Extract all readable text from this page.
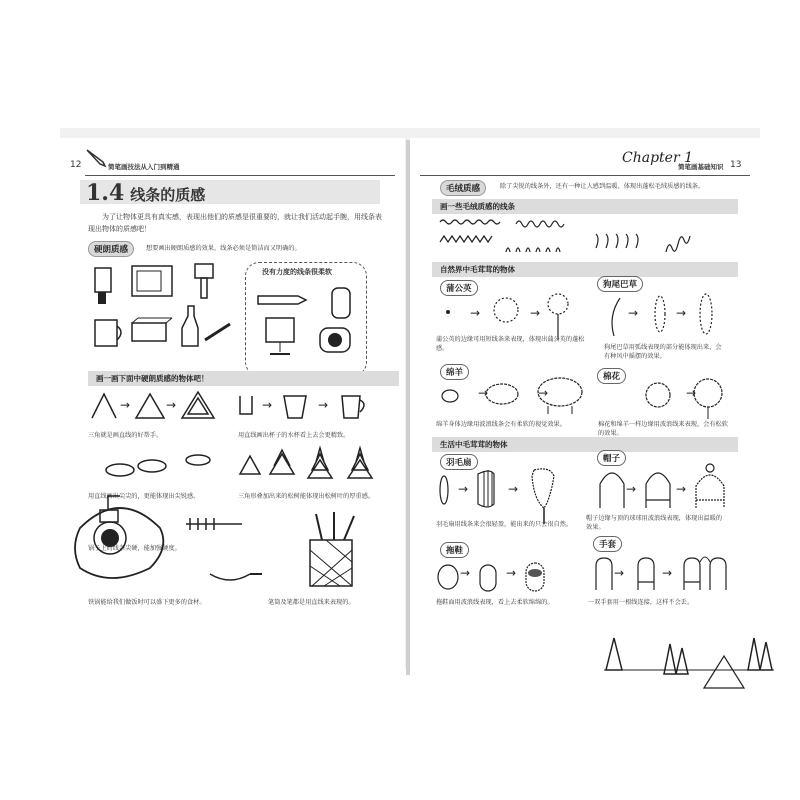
12	简笔画技法从入门到精通
1.4 线条的质感
为了让物体更具有真实感，表现出他们的质感是很重要的，就让我们活动起手腕，用线条表现出物体的质感吧！
硬朗质感	想要画出硬朗质感的效果，线条必须是简洁而又明确的。
没有力度的线条很柔软
画一画下面中硬朗质感的物体吧！
→	→	→	→
三角就是画直线的好帮手。	用直线画出杯子的水杯看上去会更精致。
用直线画出尖尖的，更能体现出尖锐感。	三角形叠加出来的松树能体现出松树叶的厚重感。
锅子上的线条尖硬，能加强硬度。
铁锅能给我们做饭时可以盛下更多的食材。	笔筒及笔都是用直线来表现的。
Chapter 1
简笔画基础知识 13
毛绒质感	除了尖锐的线条外，还有一种让人感到温暖、体现出蓬松毛绒质感的线条。
画一些毛绒质感的线条
自然界中毛茸茸的物体
蒲公英	狗尾巴草
→	→	→	→
蒲公英的边缘可用短线条来表现，体现出蒲公英的蓬松感。	狗尾巴草用弧线表现的部分能体现出来，会有种风中摇摆的效果。
绵羊	棉花
→	→	→
绵羊身体边缘用波浪线条会有柔软的视觉效果。	棉花和绵羊一样边缘用波浪线来表现，会有松软的效果。
生活中毛茸茸的物体
羽毛扇	帽子
→	→	→	→
羽毛扇用线条来会很轻盈，能出来的只会很自然。
帽子边缘与顶的球球用波浪线表现，体现出温暖的效果。
拖鞋
手套
→	→	→	→
拖鞋面用波浪线表现，看上去柔软绵绵的。	一双手套用一根线连接，这样不会丢。
